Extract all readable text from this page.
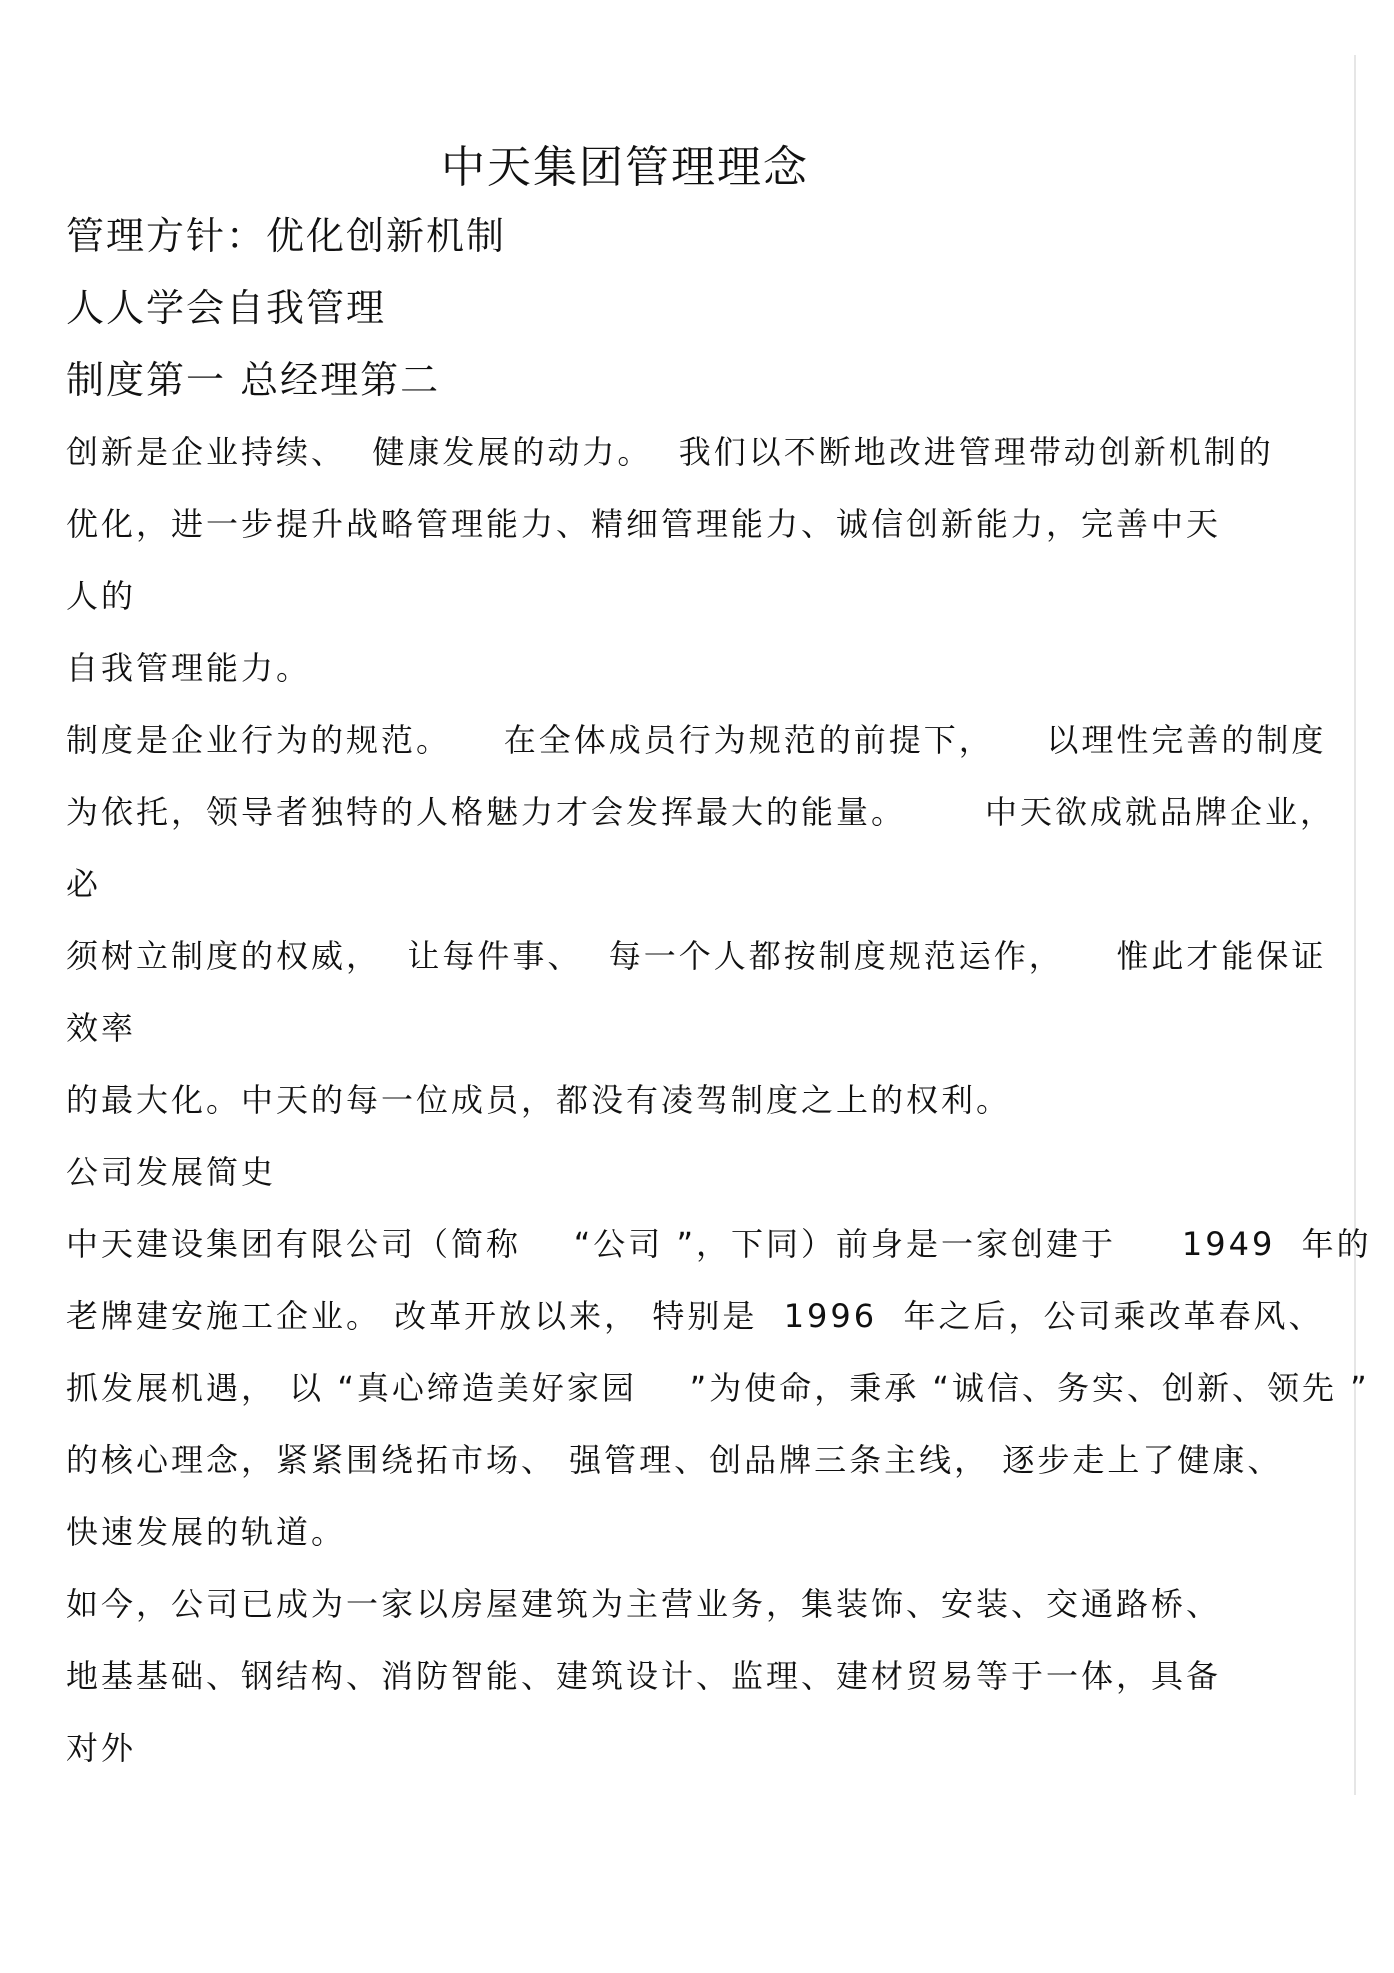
中天集团管理理念
管理方针：优化创新机制
人人学会自我管理
制度第一 总经理第二
创新是企业持续、  健康发展的动力。  我们以不断地改进管理带动创新机制的
优化，进一步提升战略管理能力、精细管理能力、诚信创新能力，完善中天
人的
自我管理能力。
制度是企业行为的规范。    在全体成员行为规范的前提下，    以理性完善的制度
为依托，领导者独特的人格魅力才会发挥最大的能量。      中天欲成就品牌企业，
必
须树立制度的权威，  让每件事、  每一个人都按制度规范运作，    惟此才能保证
效率
的最大化。中天的每一位成员，都没有凌驾制度之上的权利。
公司发展简史
中天建设集团有限公司（简称    “公司 ”，下同）前身是一家创建于     1949  年的
老牌建安施工企业。 改革开放以来， 特别是  1996  年之后，公司乘改革春风、
抓发展机遇， 以 “真心缔造美好家园    ”为使命，秉承 “诚信、务实、创新、领先 ”
的核心理念，紧紧围绕拓市场、 强管理、创品牌三条主线， 逐步走上了健康、
快速发展的轨道。
如今，公司已成为一家以房屋建筑为主营业务，集装饰、安装、交通路桥、
地基基础、钢结构、消防智能、建筑设计、监理、建材贸易等于一体，具备
对外
